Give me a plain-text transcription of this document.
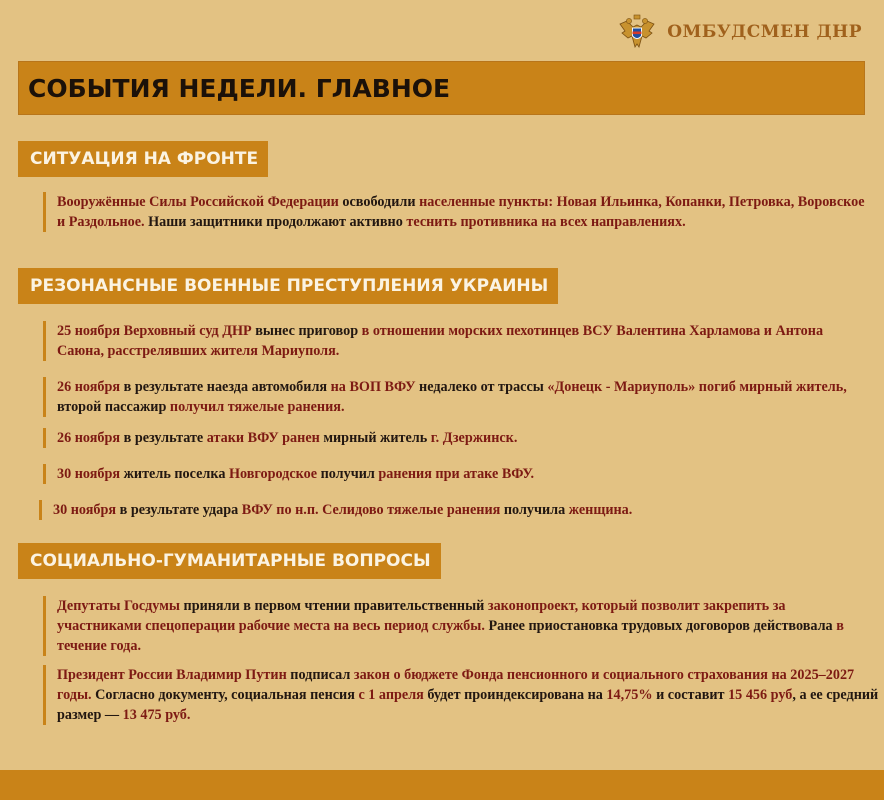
ОМБУДСМЕН ДНР
СОБЫТИЯ НЕДЕЛИ. ГЛАВНОЕ
СИТУАЦИЯ НА ФРОНТЕ
Вооружённые Силы Российской Федерации освободили населенные пункты: Новая Ильинка, Копанки, Петровка, Воровское и Раздольное. Наши защитники продолжают активно теснить противника на всех направлениях.
РЕЗОНАНСНЫЕ ВОЕННЫЕ ПРЕСТУПЛЕНИЯ УКРАИНЫ
25 ноября Верховный суд ДНР вынес приговор в отношении морских пехотинцев ВСУ Валентина Харламова и Антона Саюна, расстрелявших жителя Мариуполя.
26 ноября в результате наезда автомобиля на ВОП ВФУ недалеко от трассы «Донецк - Мариуполь» погиб мирный житель, второй пассажир получил тяжелые ранения.
26 ноября в результате атаки ВФУ ранен мирный житель г. Дзержинск.
30 ноября житель поселка Новгородское получил ранения при атаке ВФУ.
30 ноября в результате удара ВФУ по н.п. Селидово тяжелые ранения получила женщина.
СОЦИАЛЬНО-ГУМАНИТАРНЫЕ ВОПРОСЫ
Депутаты Госдумы приняли в первом чтении правительственный законопроект, который позволит закрепить за участниками спецоперации рабочие места на весь период службы. Ранее приостановка трудовых договоров действовала в течение года.
Президент России Владимир Путин подписал закон о бюджете Фонда пенсионного и социального страхования на 2025–2027 годы. Согласно документу, социальная пенсия с 1 апреля будет проиндексирована на 14,75% и составит 15 456 руб, а ее средний размер — 13 475 руб.
